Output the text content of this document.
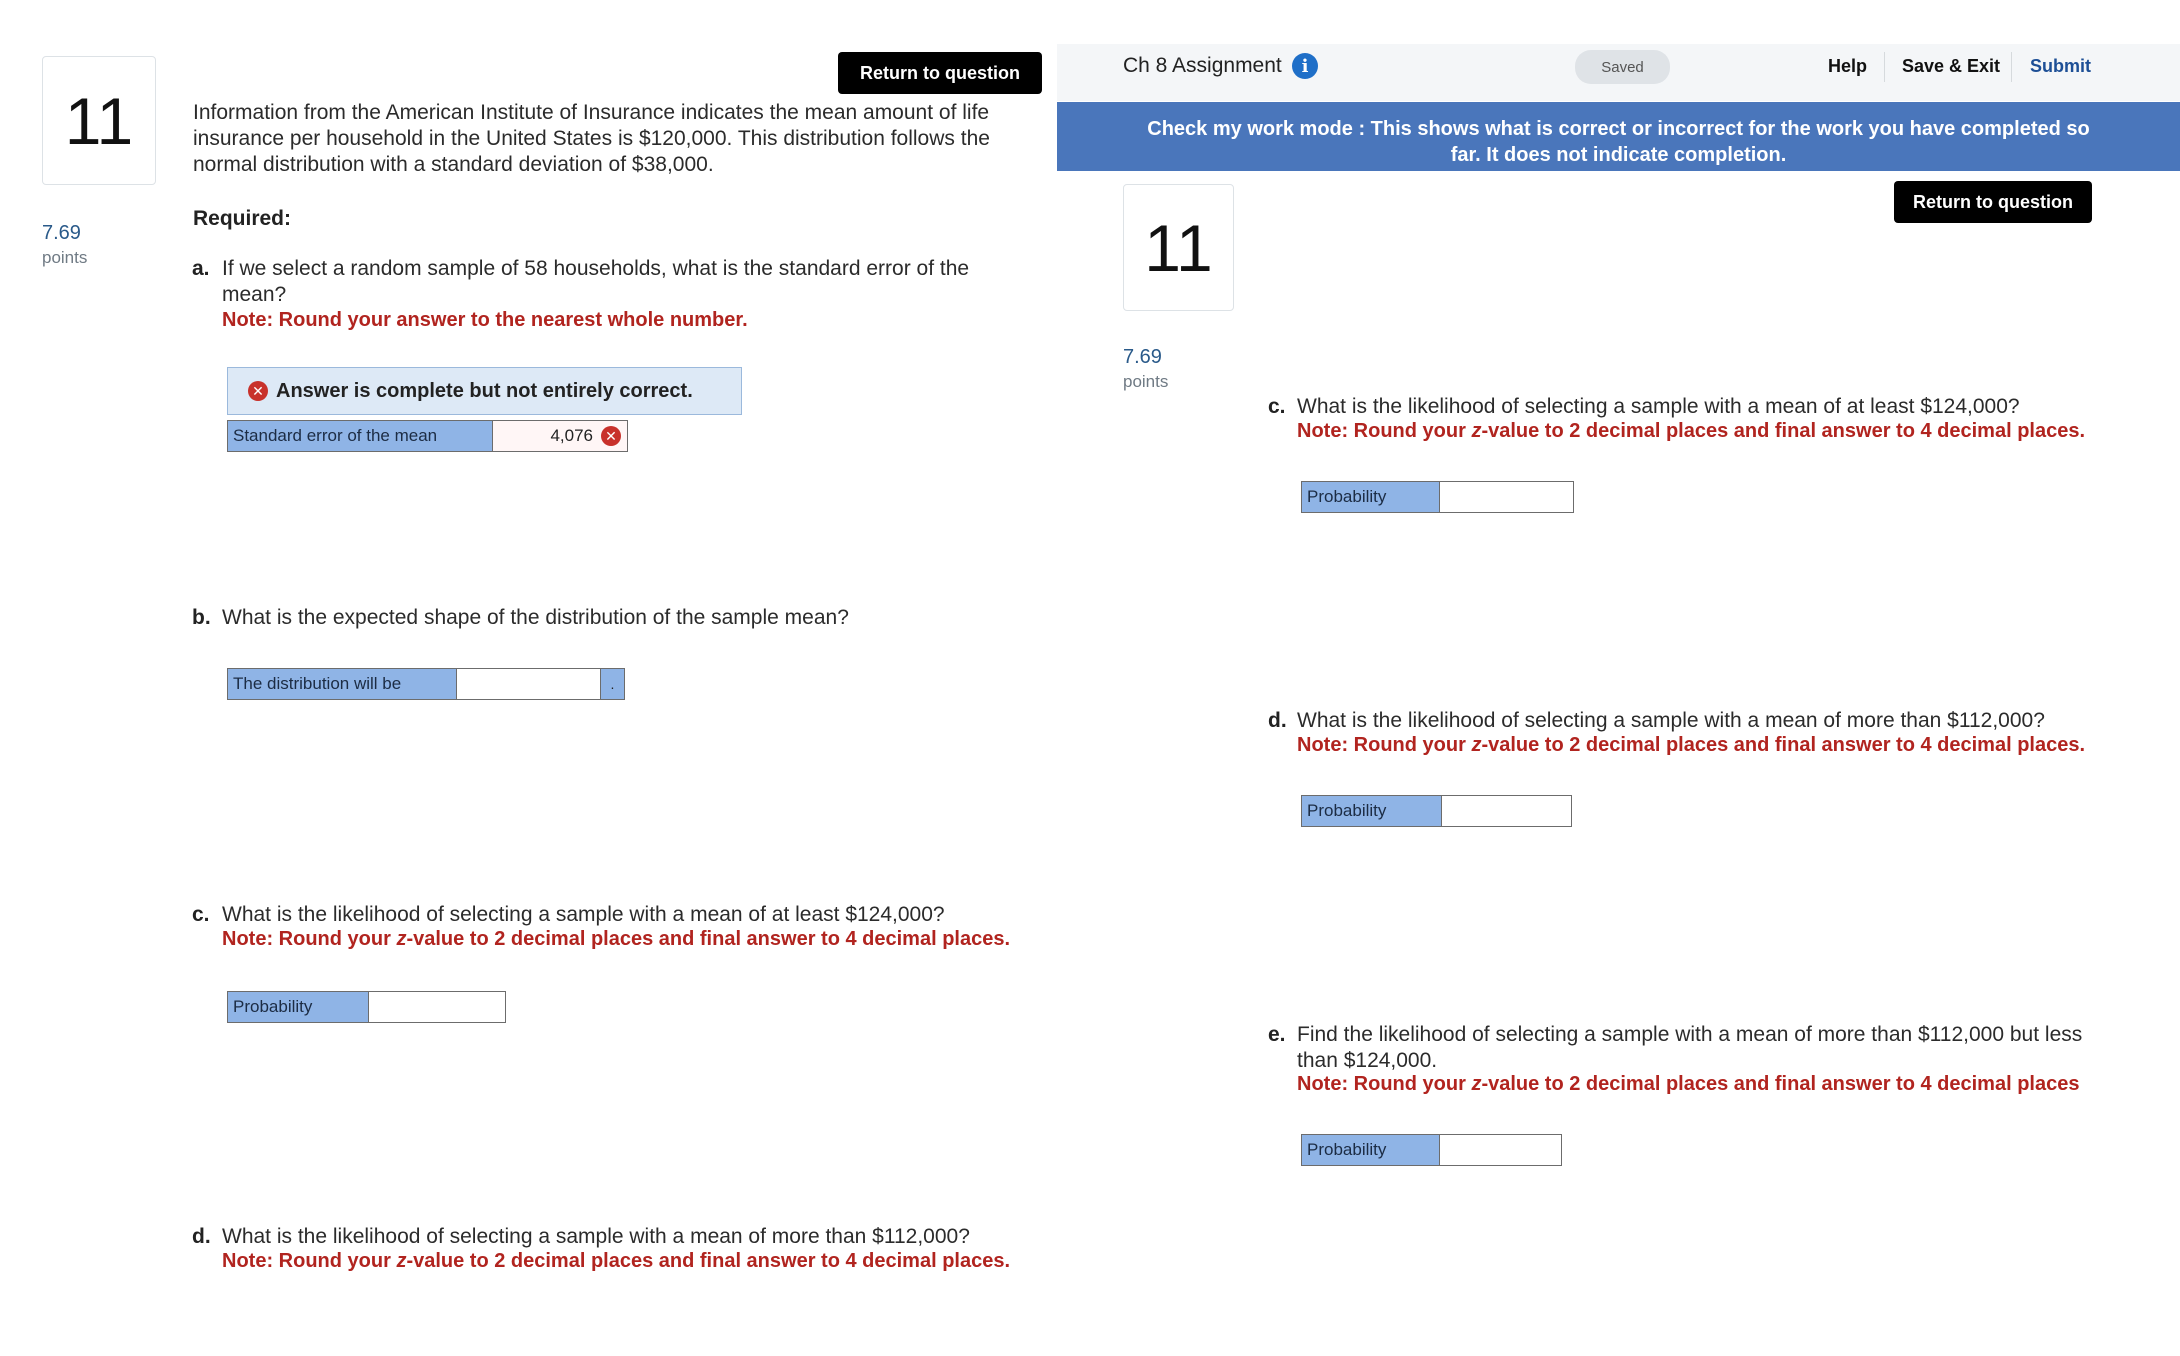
11
7.69
points
Return to question
Information from the American Institute of Insurance indicates the mean amount of life insurance per household in the United States is $120,000. This distribution follows the normal distribution with a standard deviation of $38,000.
Required:
a. If we select a random sample of 58 households, what is the standard error of the mean?
Note: Round your answer to the nearest whole number.
✕ Answer is complete but not entirely correct.
Standard error of the mean	4,076 ✕
b. What is the expected shape of the distribution of the sample mean?
The distribution will be	.
c. What is the likelihood of selecting a sample with a mean of at least $124,000?
Note: Round your z-value to 2 decimal places and final answer to 4 decimal places.
Probability
d. What is the likelihood of selecting a sample with a mean of more than $112,000?
Note: Round your z-value to 2 decimal places and final answer to 4 decimal places.
Ch 8 Assignment	i	Saved	Help Save & Exit Submit
Check my work mode : This shows what is correct or incorrect for the work you have completed so far. It does not indicate completion.
Return to question
11
7.69
points
c. What is the likelihood of selecting a sample with a mean of at least $124,000?
Note: Round your z-value to 2 decimal places and final answer to 4 decimal places.
Probability
d. What is the likelihood of selecting a sample with a mean of more than $112,000?
Note: Round your z-value to 2 decimal places and final answer to 4 decimal places.
Probability
e. Find the likelihood of selecting a sample with a mean of more than $112,000 but less than $124,000.
Note: Round your z-value to 2 decimal places and final answer to 4 decimal places
Probability
